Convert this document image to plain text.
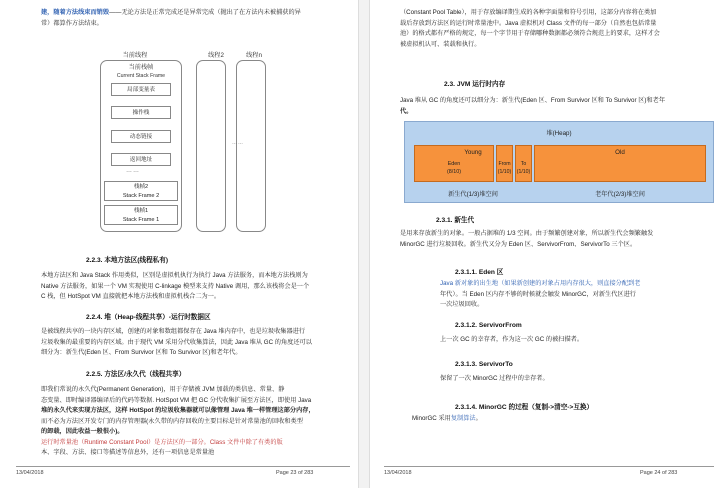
建，随着方法线束而销毁——无论方法是正常完成还是异常完成（抛出了在方法内未被捕获的异
常）都算作方法结束。
当前线程	线程2	线程n
当前栈帧
Current Stack Frame
局部变量表
操作栈
动态链接
返回地址
……
栈帧2
Stack Frame 2
栈帧1
Stack Frame 1
……
2.2.3. 本地方法区(线程私有)
本地方法区和 Java Stack 作用类似，区别是虚拟机执行为执行 Java 方法服务，而本地方法栈则为
Native 方法服务，如果一个 VM 实现使用 C-linkage 模型来支持 Native 调用，那么该栈将会是一个
C 栈，但 HotSpot VM 直接就把本地方法栈和虚拟机栈合二为一。
2.2.4. 堆（Heap-线程共享）-运行时数据区
是被线程共享的一块内存区域，创建的对象和数组都保存在 Java 堆内存中，也是垃圾收集器进行
垃圾收集的最重要的内存区域。由于现代 VM 采用分代收集算法，因此 Java 堆从 GC 的角度还可以
细分为：新生代(Eden 区、From Survivor 区和 To Survivor 区)和老年代。
2.2.5. 方法区/永久代（线程共享）
即我们常说的永久代(Permanent Generation)，用于存储被 JVM 加载的类信息、常量、静
态变量、即时编译器编译后的代码等数据. HotSpot VM 把 GC 分代收集扩展至方法区，即使用 Java
堆的永久代来实现方法区，这样 HotSpot 的垃圾收集器就可以像管理 Java 堆一样管理这部分内存，
而不必为方法区开发专门的内存管理器(永久带的内存回收的主要目标是针对常量池的回收和类型
的卸载，因此收益一般很小)。
运行时常量池（Runtime Constant Pool）是方法区的一部分。Class 文件中除了有类的版
本、字段、方法、接口等描述等信息外，还有一项信息是常量池
13/04/2018	Page 23 of 283
（Constant Pool Table），用于存放编译期生成的各种字面量和符号引用，这部分内容将在类加
载后存放到方法区的运行时常量池中。Java 虚拟机对 Class 文件的每一部分（自然也包括常量
池）的格式都有严格的规定，每一个字节用于存储哪种数据都必须符合规范上的要求，这样才会
被虚拟机认可、装载和执行。
2.3. JVM 运行时内存
Java 堆从 GC 的角度还可以细分为：新生代(Eden 区、From Survivor 区和 To Survivor 区)和老年
代。
堆(Heap)
Eden
(8/10)
From
(1/10)
To
(1/10)
Young	Old
新生代(1/3)堆空间	老年代(2/3)堆空间
2.3.1. 新生代
是用来存放新生的对象。一般占据堆的 1/3 空间。由于频繁创建对象，所以新生代会频繁触发
MinorGC 进行垃圾回收。新生代又分为 Eden 区、ServivorFrom、ServivorTo 三个区。
2.3.1.1. Eden 区
Java 新对象的出生地（如果新创建的对象占用内存很大，则直接分配到老
年代）。当 Eden 区内存不够的时候就会触发 MinorGC，对新生代区进行
一次垃圾回收。
2.3.1.2. ServivorFrom
上一次 GC 的幸存者，作为这一次 GC 的被扫描者。
2.3.1.3. ServivorTo
保留了一次 MinorGC 过程中的幸存者。
2.3.1.4. MinorGC 的过程（复制->清空->互换）
MinorGC 采用复制算法。
13/04/2018	Page 24 of 283
